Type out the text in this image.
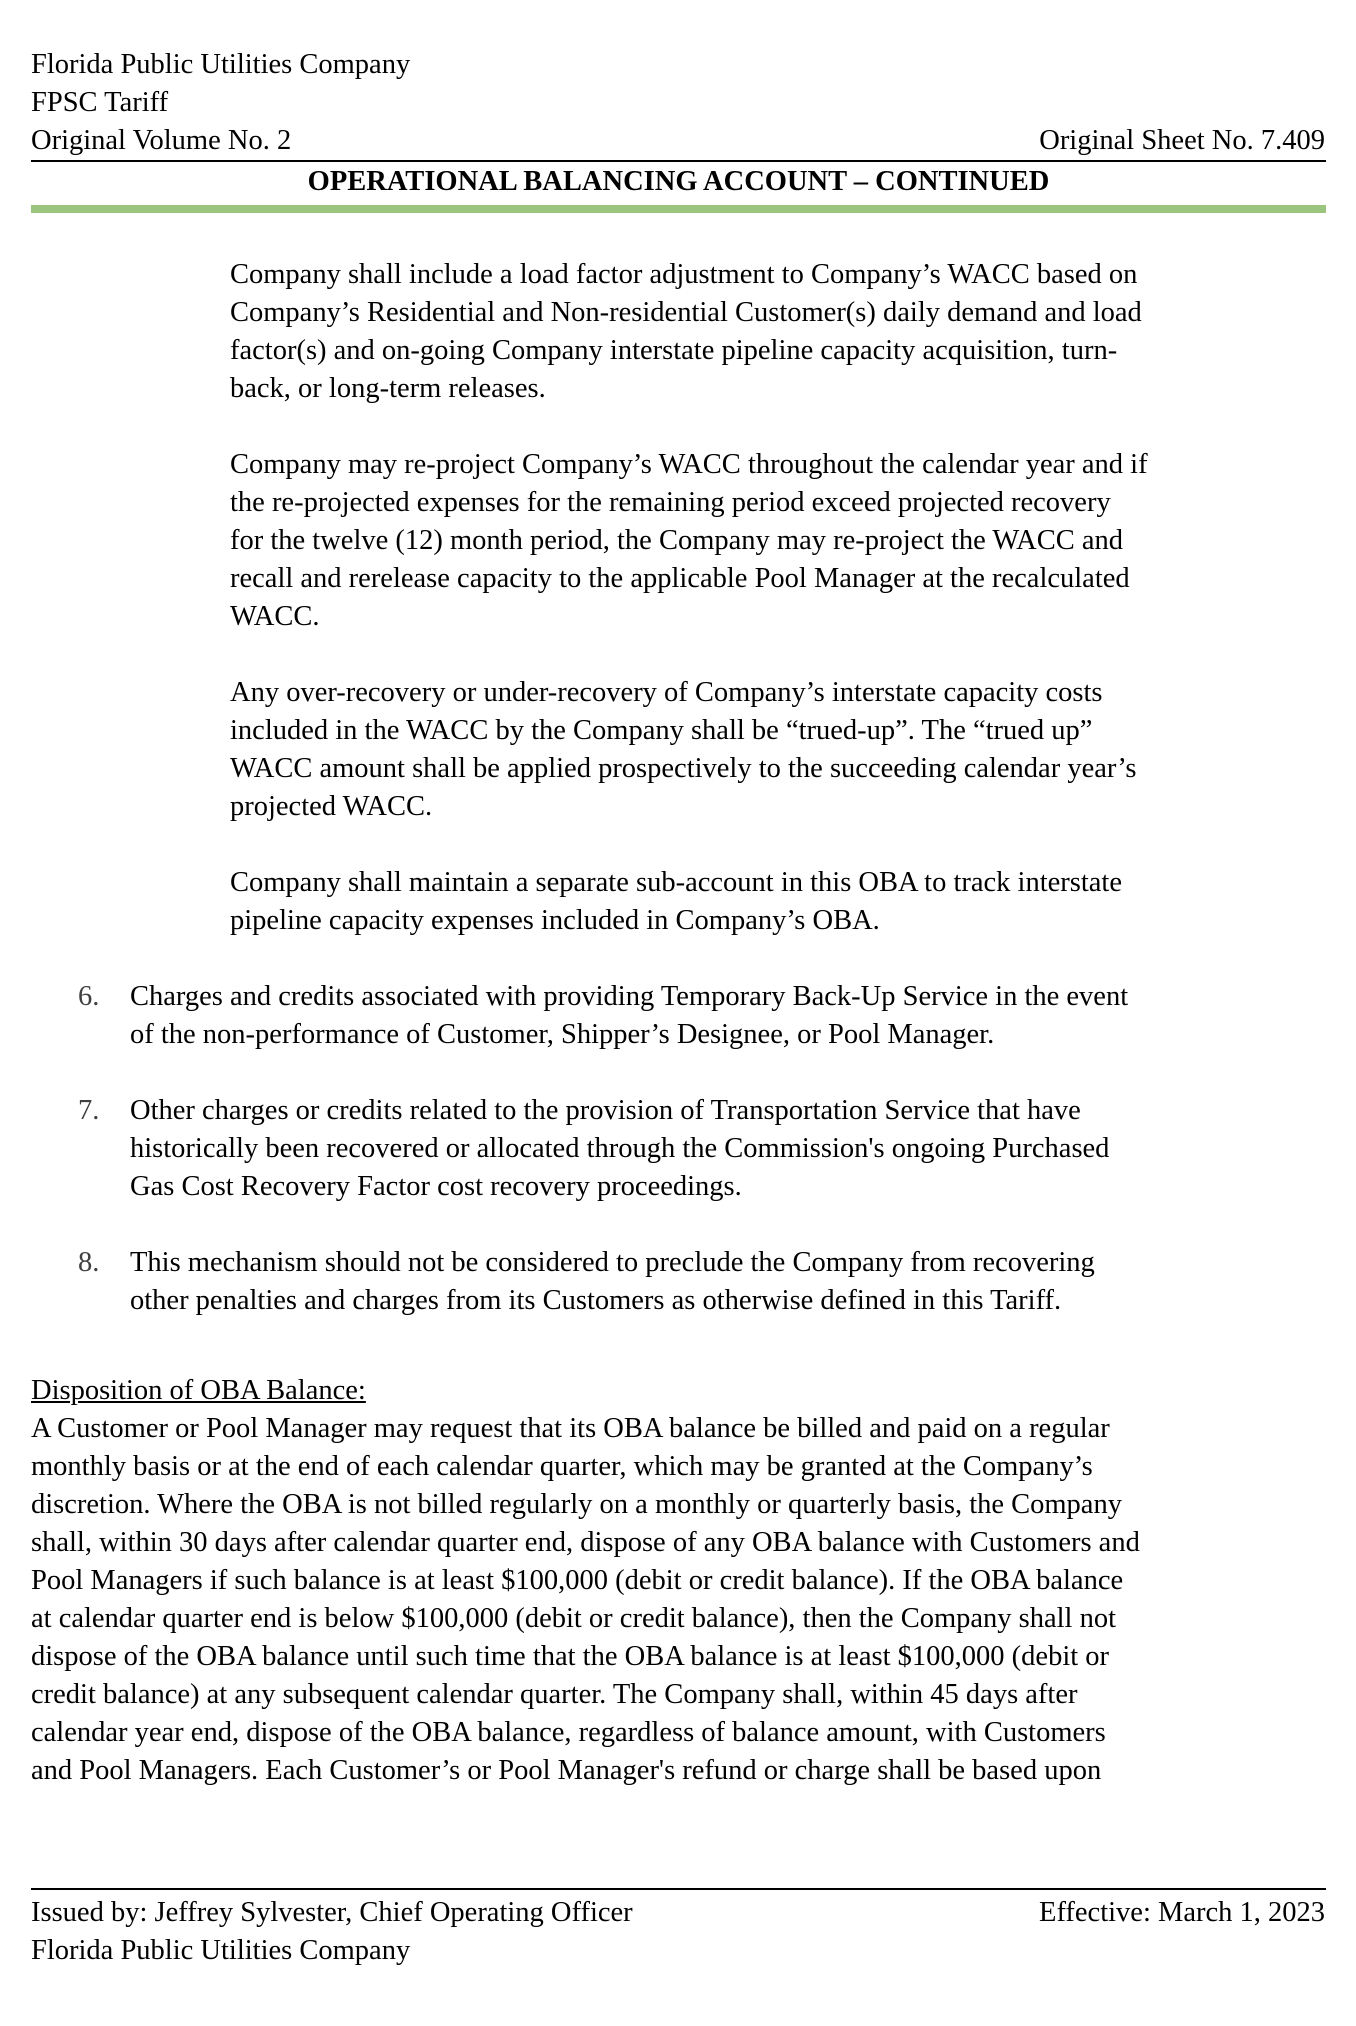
Florida Public Utilities Company
FPSC Tariff
Original Volume No. 2	Original Sheet No. 7.409
OPERATIONAL BALANCING ACCOUNT – CONTINUED
Company shall include a load factor adjustment to Company’s WACC based on
Company’s Residential and Non-residential Customer(s) daily demand and load
factor(s) and on-going Company interstate pipeline capacity acquisition, turn-
back, or long-term releases.
Company may re-project Company’s WACC throughout the calendar year and if
the re-projected expenses for the remaining period exceed projected recovery
for the twelve (12) month period, the Company may re-project the WACC and
recall and rerelease capacity to the applicable Pool Manager at the recalculated
WACC.
Any over-recovery or under-recovery of Company’s interstate capacity costs
included in the WACC by the Company shall be “trued-up”. The “trued up”
WACC amount shall be applied prospectively to the succeeding calendar year’s
projected WACC.
Company shall maintain a separate sub-account in this OBA to track interstate
pipeline capacity expenses included in Company’s OBA.
6. Charges and credits associated with providing Temporary Back-Up Service in the event
of the non-performance of Customer, Shipper’s Designee, or Pool Manager.
7. Other charges or credits related to the provision of Transportation Service that have
historically been recovered or allocated through the Commission's ongoing Purchased
Gas Cost Recovery Factor cost recovery proceedings.
8. This mechanism should not be considered to preclude the Company from recovering
other penalties and charges from its Customers as otherwise defined in this Tariff.
Disposition of OBA Balance:
A Customer or Pool Manager may request that its OBA balance be billed and paid on a regular
monthly basis or at the end of each calendar quarter, which may be granted at the Company’s
discretion. Where the OBA is not billed regularly on a monthly or quarterly basis, the Company
shall, within 30 days after calendar quarter end, dispose of any OBA balance with Customers and
Pool Managers if such balance is at least $100,000 (debit or credit balance). If the OBA balance
at calendar quarter end is below $100,000 (debit or credit balance), then the Company shall not
dispose of the OBA balance until such time that the OBA balance is at least $100,000 (debit or
credit balance) at any subsequent calendar quarter. The Company shall, within 45 days after
calendar year end, dispose of the OBA balance, regardless of balance amount, with Customers
and Pool Managers. Each Customer’s or Pool Manager's refund or charge shall be based upon
Issued by: Jeffrey Sylvester, Chief Operating Officer	Effective: March 1, 2023
Florida Public Utilities Company
